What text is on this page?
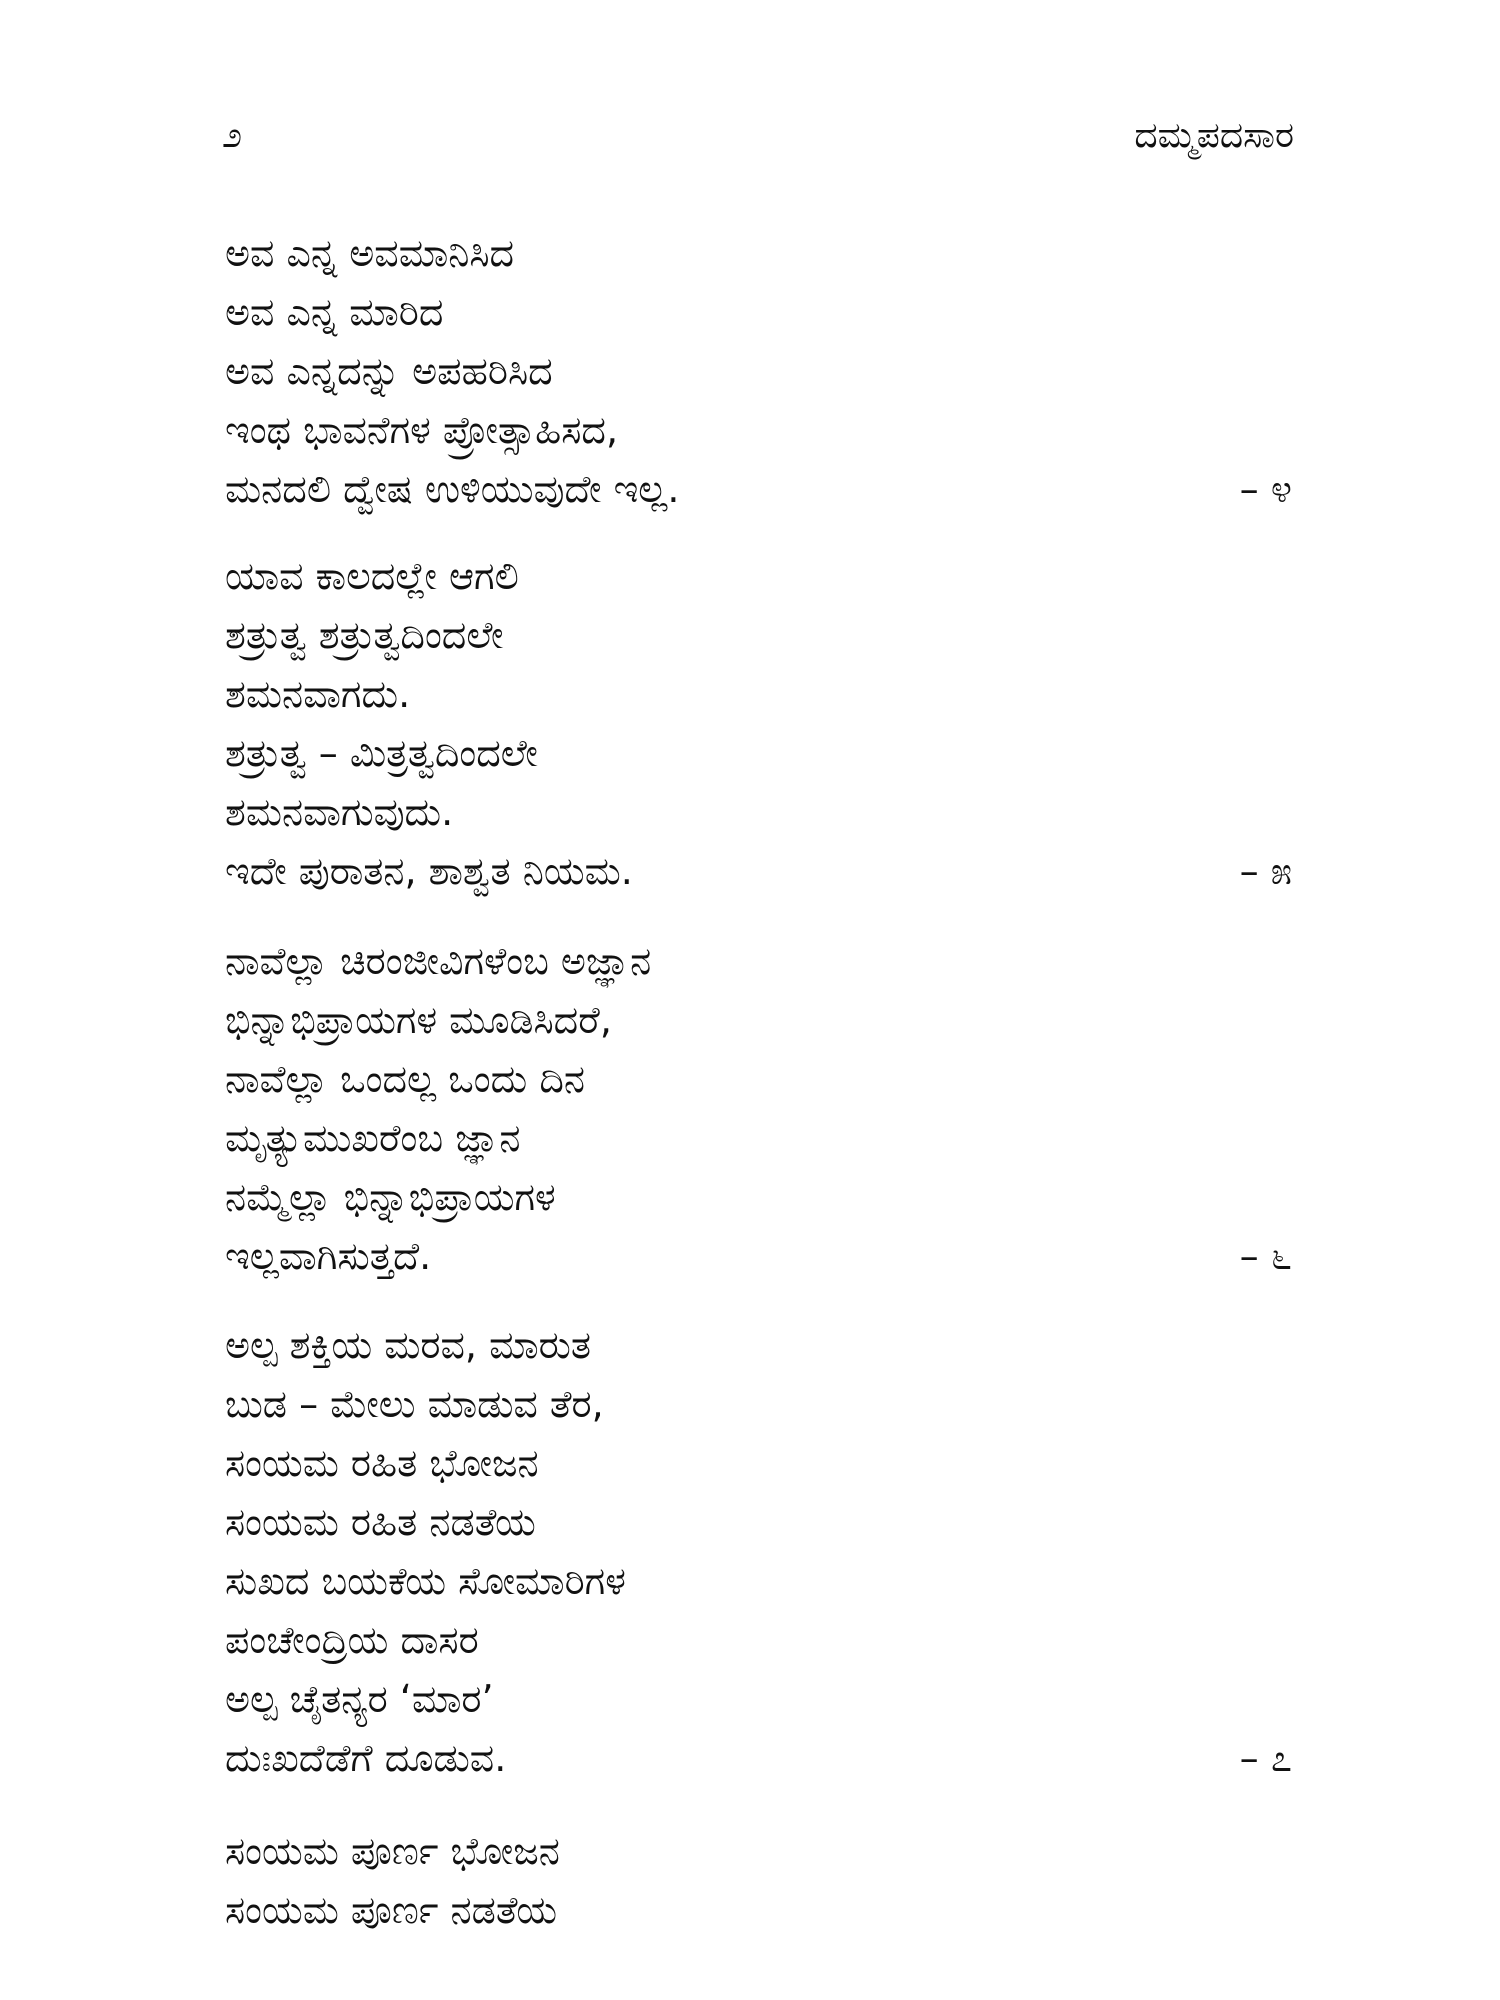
೨	ದಮ್ಮಪದಸಾರ
ಅವ ಎನ್ನ ಅವಮಾನಿಸಿದ
ಅವ ಎನ್ನ ಮಾರಿದ
ಅವ ಎನ್ನದನ್ನು ಅಪಹರಿಸಿದ
ಇಂಥ ಭಾವನೆಗಳ ಪ್ರೋತ್ಸಾಹಿಸದ,
ಮನದಲಿ ದ್ವೇಷ ಉಳಿಯುವುದೇ ಇಲ್ಲ.	– ೪
ಯಾವ ಕಾಲದಲ್ಲೇ ಆಗಲಿ
ಶತ್ರುತ್ವ ಶತ್ರುತ್ವದಿಂದಲೇ
ಶಮನವಾಗದು.
ಶತ್ರುತ್ವ – ಮಿತ್ರತ್ವದಿಂದಲೇ
ಶಮನವಾಗುವುದು.
ಇದೇ ಪುರಾತನ, ಶಾಶ್ವತ ನಿಯಮ.	– ೫
ನಾವೆಲ್ಲಾ ಚಿರಂಜೀವಿಗಳೆಂಬ ಅಜ್ಞಾನ
ಭಿನ್ನಾಭಿಪ್ರಾಯಗಳ ಮೂಡಿಸಿದರೆ,
ನಾವೆಲ್ಲಾ ಒಂದಲ್ಲ ಒಂದು ದಿನ
ಮೃತ್ಯುಮುಖರೆಂಬ ಜ್ಞಾನ
ನಮ್ಮೆಲ್ಲಾ ಭಿನ್ನಾಭಿಪ್ರಾಯಗಳ
ಇಲ್ಲವಾಗಿಸುತ್ತದೆ.	– ೬
ಅಲ್ಪ ಶಕ್ತಿಯ ಮರವ, ಮಾರುತ
ಬುಡ – ಮೇಲು ಮಾಡುವ ತೆರ,
ಸಂಯಮ ರಹಿತ ಭೋಜನ
ಸಂಯಮ ರಹಿತ ನಡತೆಯ
ಸುಖದ ಬಯಕೆಯ ಸೋಮಾರಿಗಳ
ಪಂಚೇಂದ್ರಿಯ ದಾಸರ
ಅಲ್ಪ ಚೈತನ್ಯರ ‘ಮಾರ’
ದುಃಖದೆಡೆಗೆ ದೂಡುವ.	– ೭
ಸಂಯಮ ಪೂರ್ಣ ಭೋಜನ
ಸಂಯಮ ಪೂರ್ಣ ನಡತೆಯ
